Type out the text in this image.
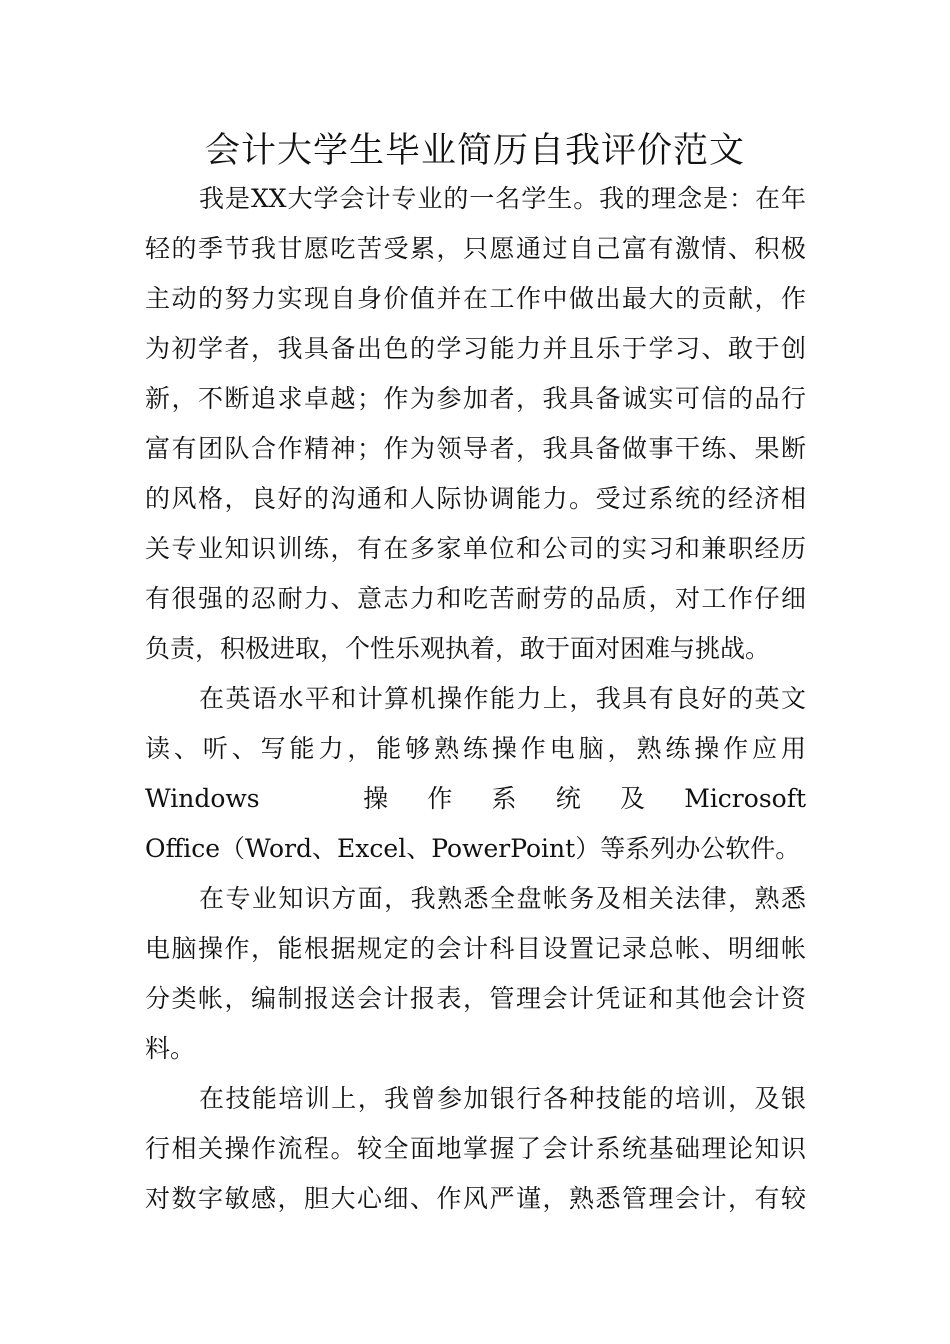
会计大学生毕业简历自我评价范文
我是XX大学会计专业的一名学生。我的理念是：在年
轻的季节我甘愿吃苦受累，只愿通过自己富有激情、积极
主动的努力实现自身价值并在工作中做出最大的贡献，作
为初学者，我具备出色的学习能力并且乐于学习、敢于创
新，不断追求卓越；作为参加者，我具备诚实可信的品行
富有团队合作精神；作为领导者，我具备做事干练、果断
的风格，良好的沟通和人际协调能力。受过系统的经济相
关专业知识训练，有在多家单位和公司的实习和兼职经历
有很强的忍耐力、意志力和吃苦耐劳的品质，对工作仔细
负责，积极进取，个性乐观执着，敢于面对困难与挑战。
在英语水平和计算机操作能力上，我具有良好的英文
读、听、写能力，能够熟练操作电脑，熟练操作应用
Windows　　　操　作　系　统　及　Microsoft
Office（Word、Excel、PowerPoint）等系列办公软件。
在专业知识方面，我熟悉全盘帐务及相关法律，熟悉
电脑操作，能根据规定的会计科目设置记录总帐、明细帐
分类帐，编制报送会计报表，管理会计凭证和其他会计资
料。
在技能培训上，我曾参加银行各种技能的培训，及银
行相关操作流程。较全面地掌握了会计系统基础理论知识
对数字敏感，胆大心细、作风严谨，熟悉管理会计，有较
